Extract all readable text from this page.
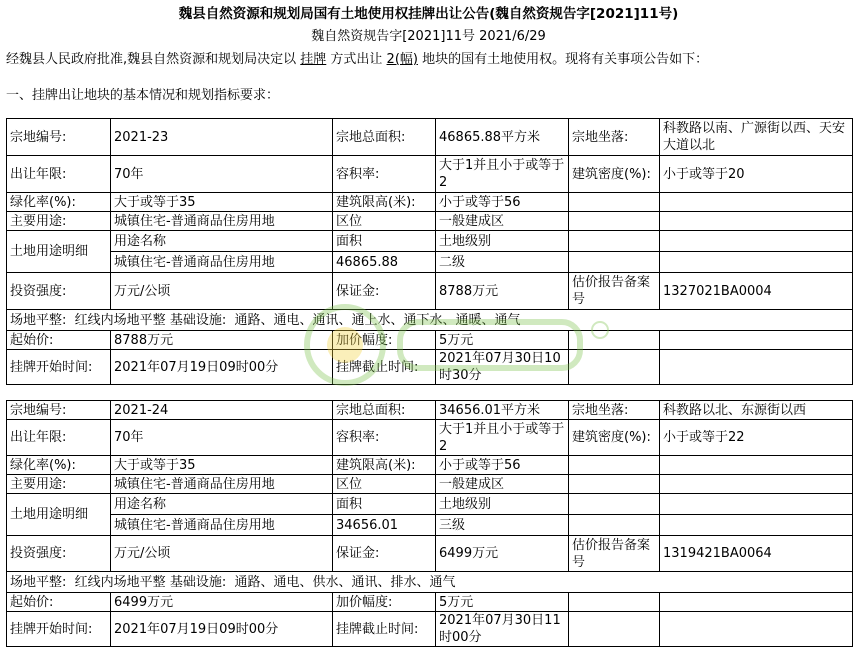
魏县自然资源和规划局国有土地使用权挂牌出让公告(魏自然资规告字[2021]11号)
魏自然资规告字[2021]11号 2021/6/29
经魏县人民政府批准,魏县自然资源和规划局决定以 挂牌 方式出让 2(幅) 地块的国有土地使用权。现将有关事项公告如下：
一、挂牌出让地块的基本情况和规划指标要求：
宗地编号:	2021-23	宗地总面积:	46865.88平方米	宗地坐落:	科教路以南、广源街以西、天安大道以北
出让年限:	70年	容积率:	大于1并且小于或等于2	建筑密度(%):	小于或等于20
绿化率(%):	大于或等于35	建筑限高(米):	小于或等于56		
主要用途:	城镇住宅-普通商品住房用地	区位	一般建成区		
土地用途明细	用途名称	面积	土地级别		
	城镇住宅-普通商品住房用地	46865.88	二级		
投资强度:	万元/公顷	保证金:	8788万元	估价报告备案号	1327021BA0004
场地平整: 红线内场地平整 基础设施: 通路、通电、通讯、通上水、通下水、通暖、通气					
起始价:	8788万元	加价幅度:	5万元		
挂牌开始时间:	2021年07月19日09时00分	挂牌截止时间:	2021年07月30日10时30分		
宗地编号:	2021-24	宗地总面积:	34656.01平方米	宗地坐落:	科教路以北、东源街以西
出让年限:	70年	容积率:	大于1并且小于或等于2	建筑密度(%):	小于或等于22
绿化率(%):	大于或等于35	建筑限高(米):	小于或等于56		
主要用途:	城镇住宅-普通商品住房用地	区位	一般建成区		
土地用途明细	用途名称	面积	土地级别		
	城镇住宅-普通商品住房用地	34656.01	三级		
投资强度:	万元/公顷	保证金:	6499万元	估价报告备案号	1319421BA0064
场地平整: 红线内场地平整 基础设施: 通路、通电、供水、通讯、排水、通气					
起始价:	6499万元	加价幅度:	5万元		
挂牌开始时间:	2021年07月19日09时00分	挂牌截止时间:	2021年07月30日11时00分		
